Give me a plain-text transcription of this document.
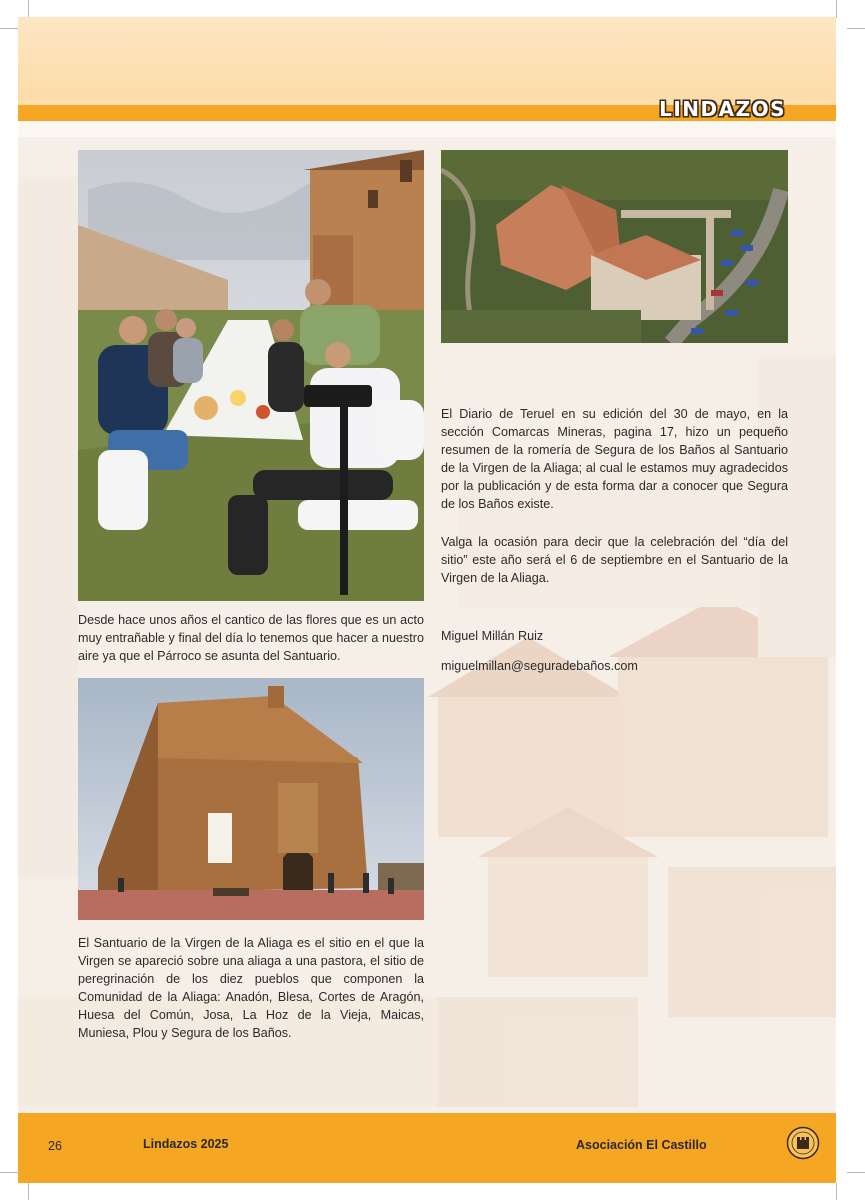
LINDAZOS

Desde hace unos años el cantico de las flores que es un acto muy entrañable y final del día lo tenemos que hacer a nuestro aire ya que el Párroco se asunta del Santuario.

El Santuario de la Virgen de la Aliaga es el sitio en el que la Virgen se apareció sobre una aliaga a una pastora, el sitio de peregrinación de los diez pueblos que componen la Comunidad de la Aliaga: Anadón, Blesa, Cortes de Aragón, Huesa del Común, Josa, La Hoz de la Vieja, Maicas, Muniesa, Plou y Segura de los Baños.

El Diario de Teruel en su edición del 30 de mayo, en la sección Comarcas Mineras, pagina 17, hizo un pequeño resumen de la romería de Segura de los Baños al Santuario de la Virgen de la Aliaga; al cual le estamos muy agradecidos por la publicación y de esta forma dar a conocer que Segura de los Baños existe.

Valga la ocasión para decir que la celebración del “día del sitio” este año será el 6 de septiembre en el Santuario de la Virgen de la Aliaga.

Miguel Millán Ruiz
miguelmillan@seguradebaños.com
26	Lindazos 2025	Asociación El Castillo
